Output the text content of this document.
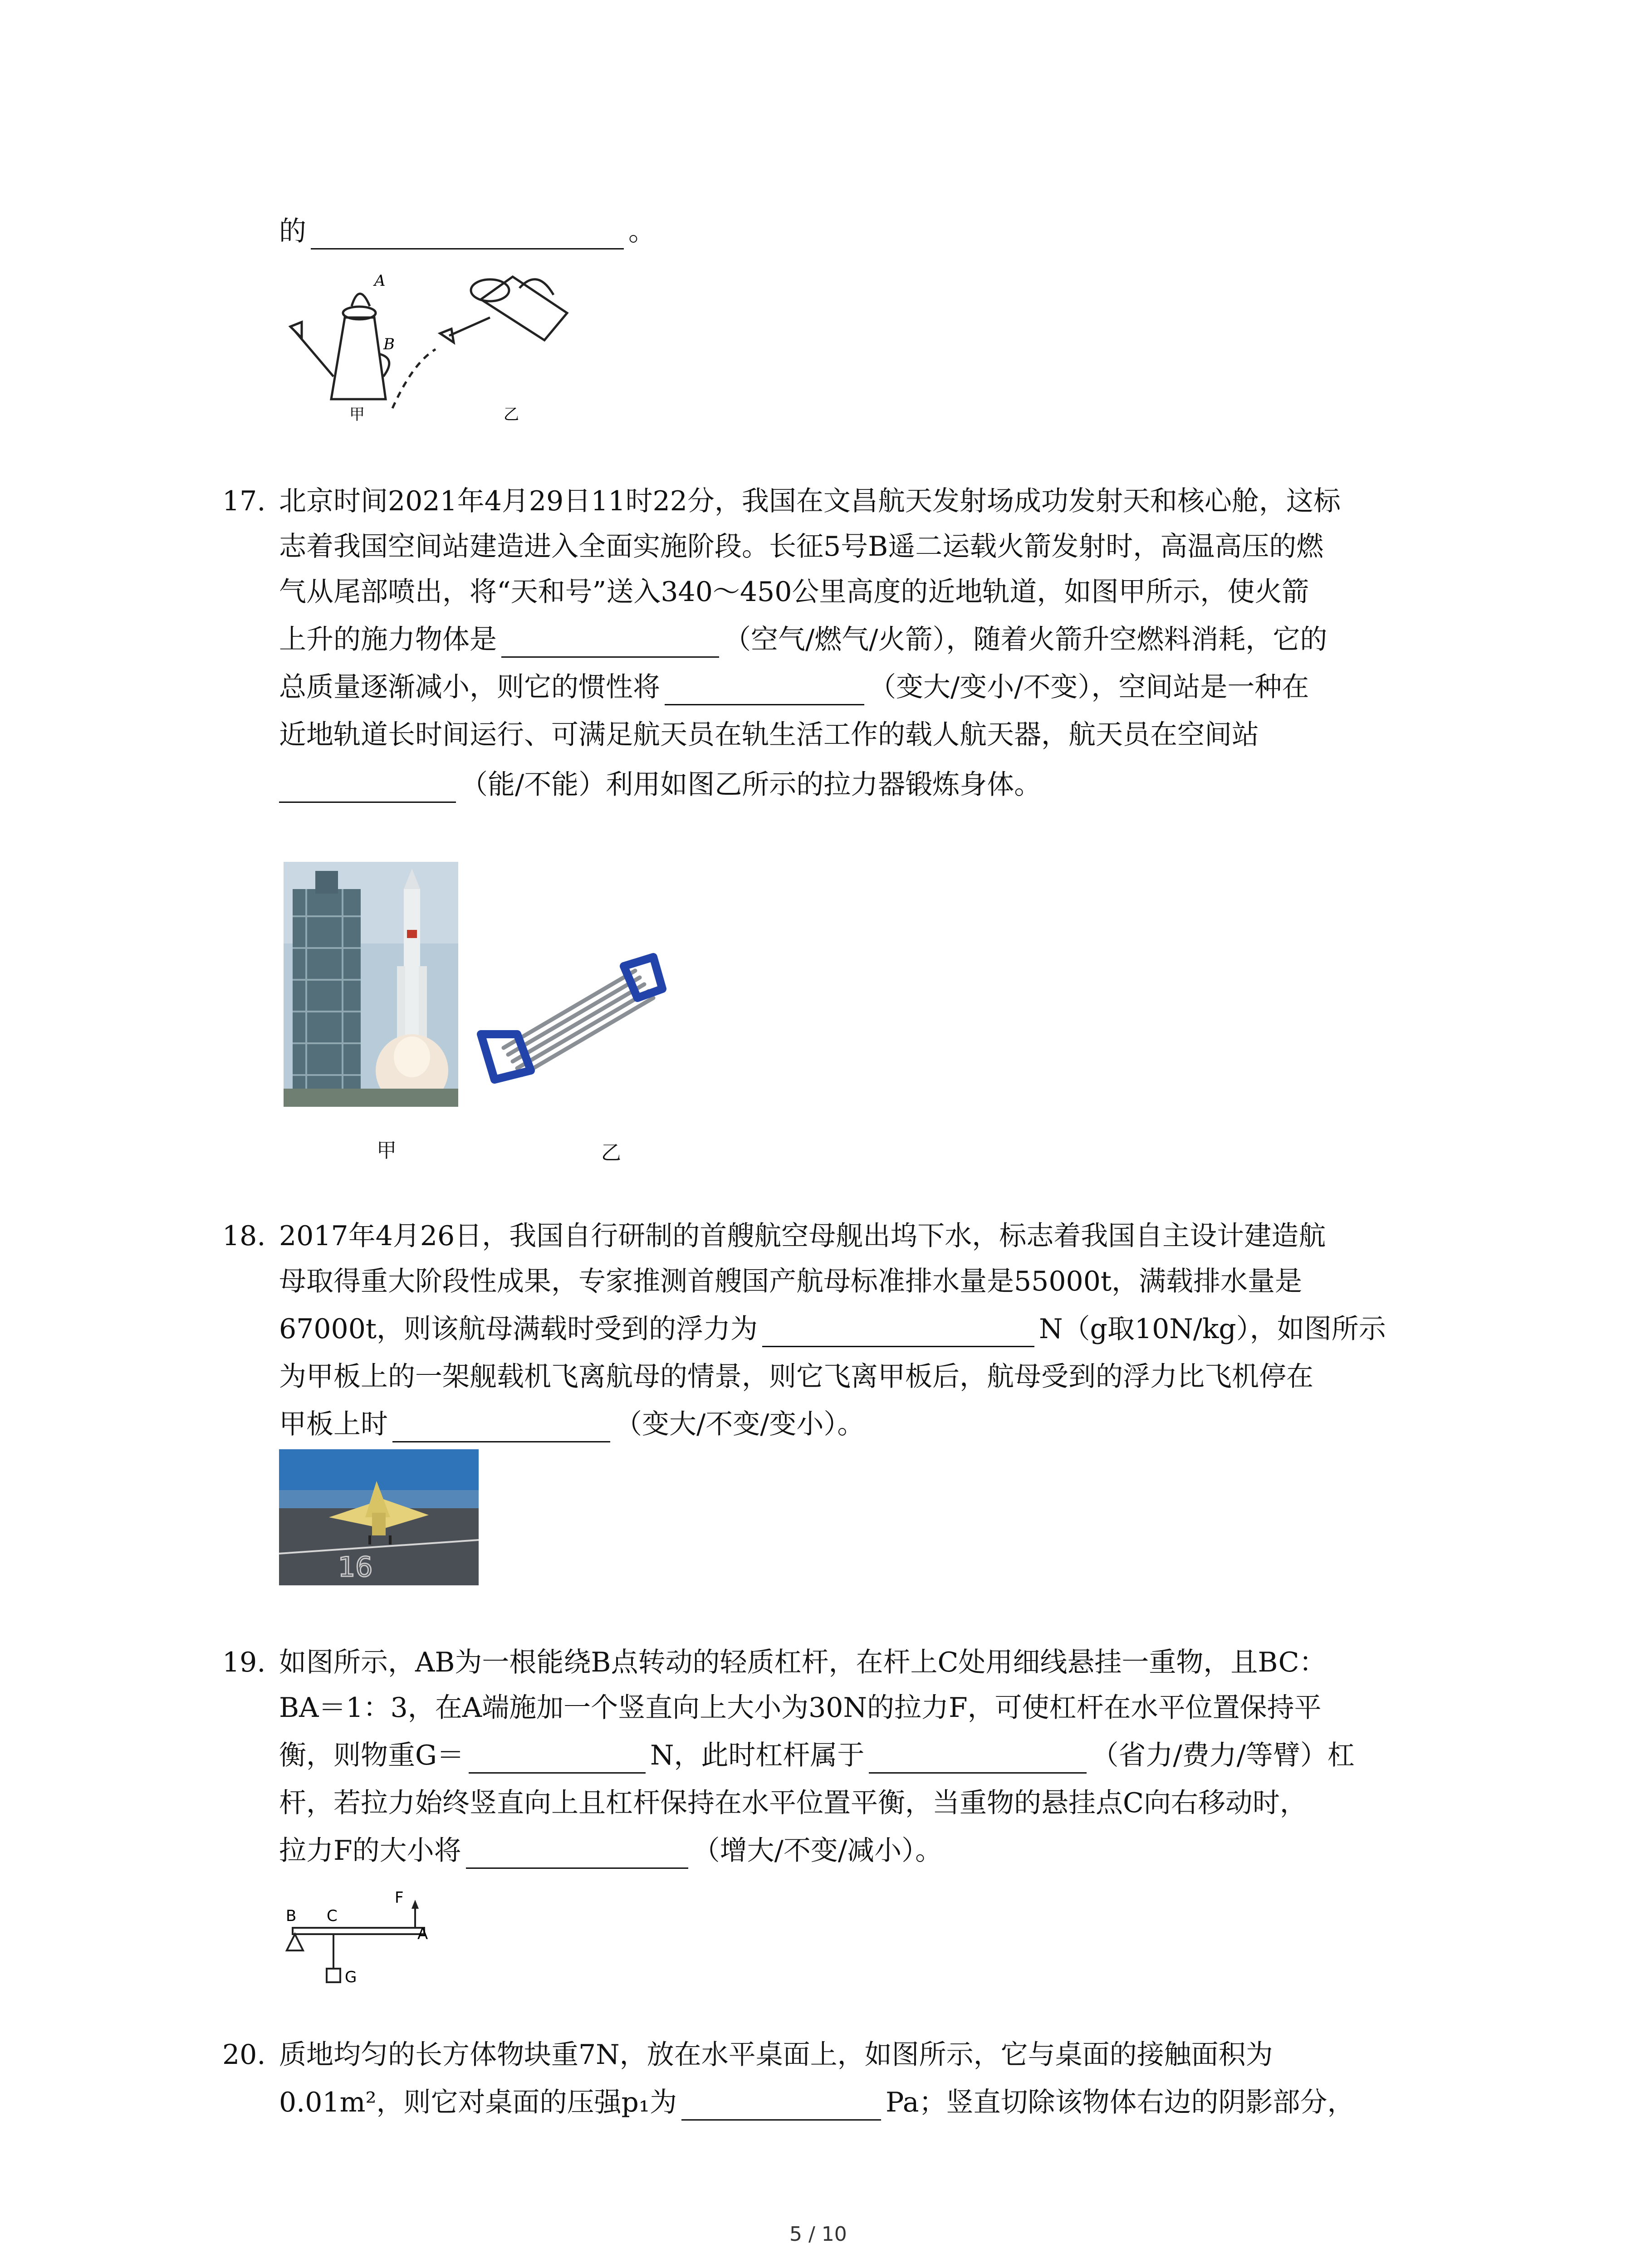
的	。
A
B
甲	乙
17. 北京时间2021年4月29日11时22分，我国在文昌航天发射场成功发射天和核心舱，这标
志着我国空间站建造进入全面实施阶段。长征5号B遥二运载火箭发射时，高温高压的燃
气从尾部喷出，将“天和号”送入340～450公里高度的近地轨道，如图甲所示，使火箭
上升的施力物体是	（空气/燃气/火箭），随着火箭升空燃料消耗，它的
总质量逐渐减小，则它的惯性将	（变大/变小/不变），空间站是一种在
近地轨道长时间运行、可满足航天员在轨生活工作的载人航天器，航天员在空间站
（能/不能）利用如图乙所示的拉力器锻炼身体。
甲	乙
18. 2017年4月26日，我国自行研制的首艘航空母舰出坞下水，标志着我国自主设计建造航
母取得重大阶段性成果，专家推测首艘国产航母标准排水量是55000t，满载排水量是
67000t，则该航母满载时受到的浮力为	N（g取10N/kg），如图所示
为甲板上的一架舰载机飞离航母的情景，则它飞离甲板后，航母受到的浮力比飞机停在
甲板上时	（变大/不变/变小）。
16
19. 如图所示，AB为一根能绕B点转动的轻质杠杆，在杆上C处用细线悬挂一重物，且BC：
BA＝1：3，在A端施加一个竖直向上大小为30N的拉力F，可使杠杆在水平位置保持平
衡，则物重G＝	N，此时杠杆属于	（省力/费力/等臂）杠
杆，若拉力始终竖直向上且杠杆保持在水平位置平衡，当重物的悬挂点C向右移动时，
拉力F的大小将	（增大/不变/减小）。
B C
F
A
G
20. 质地均匀的长方体物块重7N，放在水平桌面上，如图所示，它与桌面的接触面积为
0.01m²，则它对桌面的压强p₁为	Pa；竖直切除该物体右边的阴影部分，
5 / 10
